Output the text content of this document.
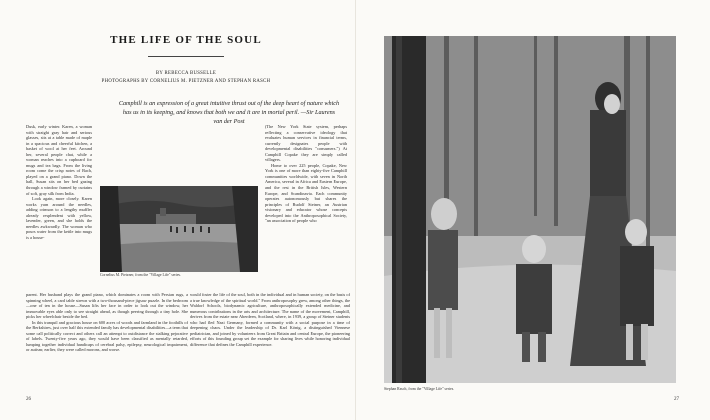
THE LIFE OF THE SOUL
BY REBECCA BUSSELLE
PHOTOGRAPHS BY CORNELIUS M. PIETZNER AND STEPHAN RASCH
Camphill is an expression of a great intuitive thrust out of the deep heart of nature which has us in its keeping, and knows that both we and it are in mortal peril. —Sir Laurens van der Post

Dusk, early winter. Karen, a woman with straight gray hair and serious glasses, sits at a table made of maple in a spacious and cheerful kitchen, a basket of wool at her feet. Around her, several people chat, while a woman reaches into a cupboard for mugs and tea bags. From the living room come the crisp notes of Bach, played on a grand piano. Down the hall, Susan sits on her bed gazing through a window framed by curtains of soft, gray silk from India.

Look again, more closely. Karen works yarn around the needles, adding crimson to a lengthy muffler already resplendent with yellow, lavender, green, and she holds the needles awkwardly. The woman who pours water from the kettle into mugs is a house-

Cornelius M. Pietzner, from the "Village Life" series.

(The New York State system, perhaps reflecting a conservative ideology that evaluates human services in financial terms, currently designates people with developmental disabilities "consumers.") At Camphill Copake they are simply called villagers.

Home to over 225 people, Copake, New York is one of more than eighty-five Camphill communities worldwide, with seven in North America, several in Africa and Eastern Europe, and the rest in the British Isles, Western Europe, and Scandinavia. Each community operates autonomously but shares the principles of Rudolf Steiner, an Austrian visionary and educator whose concepts developed into the Anthroposophical Society, "an association of people who

parent. Her husband plays the grand piano, which dominates a room with Persian rugs, a spinning wheel, a card table strewn with a two-thousand-piece jigsaw puzzle. In the bedroom—one of ten in the house—Susan lifts her face in order to look out the window, her immovable eyes able only to see straight ahead, as though peering through a tiny hole. She picks her wheelchair beside the bed.

In this tranquil and gracious house on 600 acres of woods and farmland in the foothills of the Berkshires, just over half this extended family has developmental disabilities—a term that some call politically correct and others call an attempt to outdistance the stalking pejorative of labels. Twenty-five years ago, they would have been classified as mentally retarded, lumping together individual handicaps of cerebral palsy, epilepsy, neurological impairment, or autism; earlier, they were called morons, and worse.

would foster the life of the soul, both in the individual and in human society, on the basis of a true knowledge of the spiritual world." From anthroposophy grew, among other things, the Waldorf Schools, biodynamic agriculture, anthroposophically extended medicine, and numerous contributions in the arts and architecture. The name of the movement, Camphill, derives from the estate near Aberdeen, Scotland, where, in 1939, a group of Steiner students who had fled Nazi Germany, formed a community with a social purpose in a time of deepening chaos. Under the leadership of Dr. Karl König, a distinguished Viennese pediatrician, and joined by volunteers from Great Britain and central Europe, the pioneering efforts of this founding group set the example for sharing lives while honoring individual difference that defines the Camphill experience.

Stephan Rasch, from the "Village Life" series.
26	27
